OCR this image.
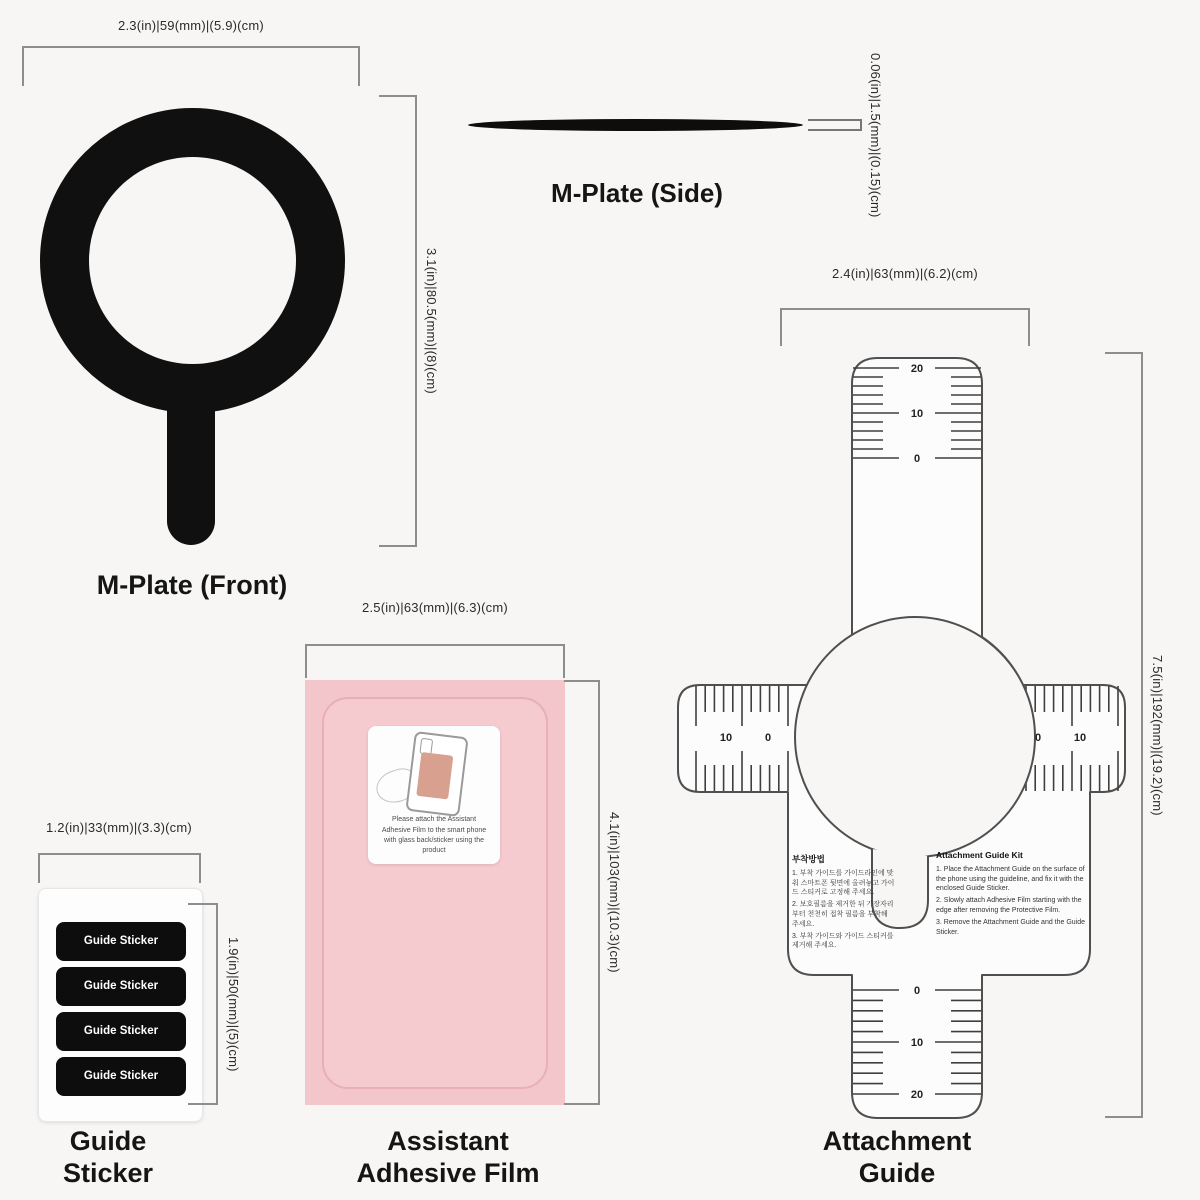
2.3(in)|59(mm)|(5.9)(cm)
3.1(in)|80.5(mm)|(8)(cm)
M-Plate (Front)
0.06(in)|1.5(mm)|(0.15)(cm)
M-Plate (Side)
20
10
0
0
10
20
10	0	0	10
부착방법
1. 부착 가이드를 가이드라인에 맞춰 스마트폰 뒷면에 올려놓고 가이드 스티커로 고정해 주세요.
2. 보호필름을 제거한 뒤 가장자리부터 천천히 접착 필름을 부착해 주세요.
3. 부착 가이드와 가이드 스티커를 제거해 주세요.
Attachment Guide Kit
1. Place the Attachment Guide on the surface of the phone using the guideline, and fix it with the enclosed Guide Sticker.
2. Slowly attach Adhesive Film starting with the edge after removing the Protective Film.
3. Remove the Attachment Guide and the Guide Sticker.
2.4(in)|63(mm)|(6.2)(cm)
7.5(in)|192(mm)|(19.2)(cm)
Attachment
Guide
Please attach the Assistant Adhesive Film to the smart phone with glass back/sticker using the product
2.5(in)|63(mm)|(6.3)(cm)
4.1(in)|103(mm)|(10.3)(cm)
Assistant
Adhesive Film
Guide Sticker
Guide Sticker
Guide Sticker
Guide Sticker
1.2(in)|33(mm)|(3.3)(cm)
1.9(in)|50(mm)|(5)(cm)
Guide
Sticker
